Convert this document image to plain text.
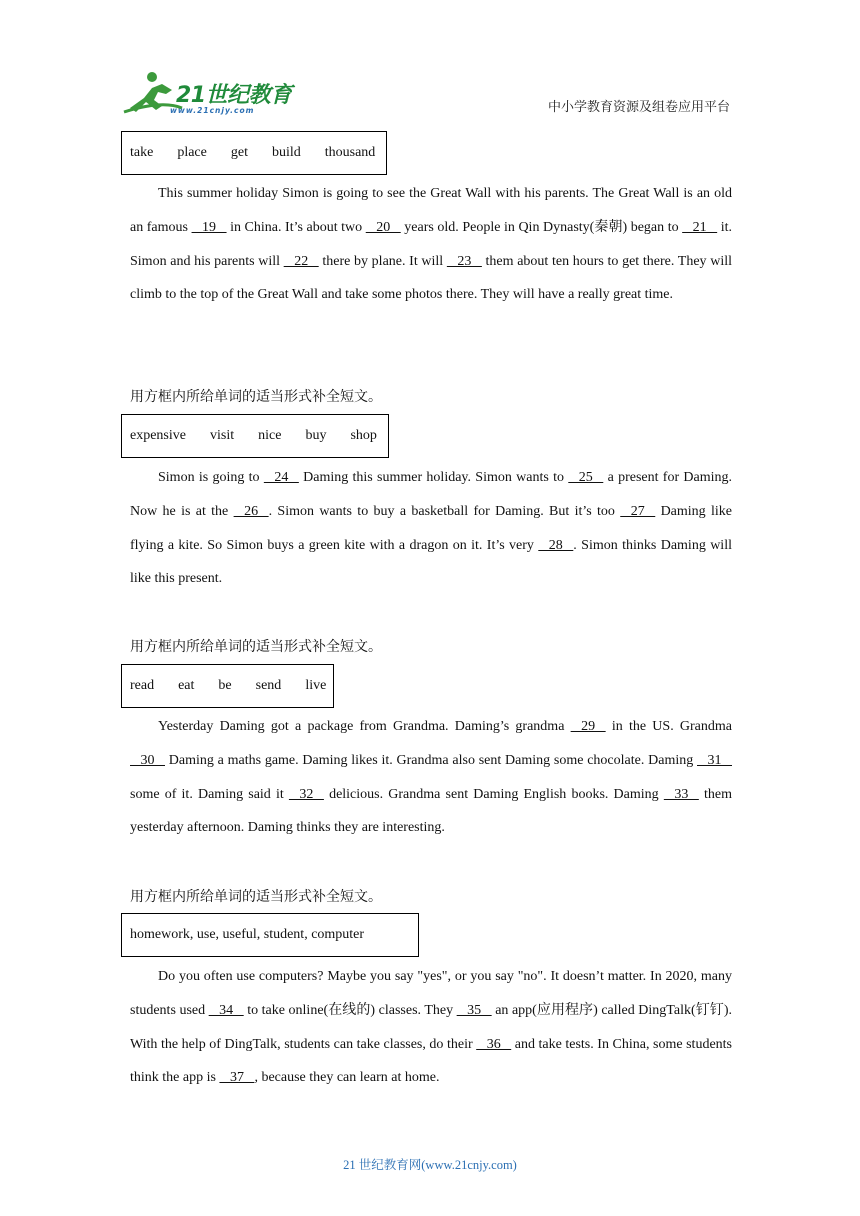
21世纪教育
www.21cnjy.com	中小学教育资源及组卷应用平台
take place get build thousand

This summer holiday Simon is going to see the Great Wall with his parents. The Great Wall is an old an famous    19    in China. It’s about two    20    years old. People in Qin Dynasty(秦朝) began to    21    it. Simon and his parents will    22    there by plane. It will    23    them about ten hours to get there. They will climb to the top of the Great Wall and take some photos there. They will have a really great time.

用方框内所给单词的适当形式补全短文。
expensive visit nice buy shop

Simon is going to    24    Daming this summer holiday. Simon wants to    25    a present for Daming. Now he is at the    26   . Simon wants to buy a basketball for Daming. But it’s too    27    Daming like flying a kite. So Simon buys a green kite with a dragon on it. It’s very    28   . Simon thinks Daming will like this present.

用方框内所给单词的适当形式补全短文。
read eat be send live

Yesterday Daming got a package from Grandma. Daming’s grandma    29    in the US. Grandma    30    Daming a maths game. Daming likes it. Grandma also sent Daming some chocolate. Daming    31    some of it. Daming said it    32    delicious. Grandma sent Daming English books. Daming    33    them yesterday afternoon. Daming thinks they are interesting.

用方框内所给单词的适当形式补全短文。
homework, use, useful, student, computer

Do you often use computers? Maybe you say "yes", or you say "no". It doesn’t matter. In 2020, many students used    34    to take online(在线的) classes. They    35    an app(应用程序) called DingTalk(钉钉). With the help of DingTalk, students can take classes, do their    36    and take tests. In China, some students think the app is    37   , because they can learn at home.

21 世纪教育网(www.21cnjy.com)
